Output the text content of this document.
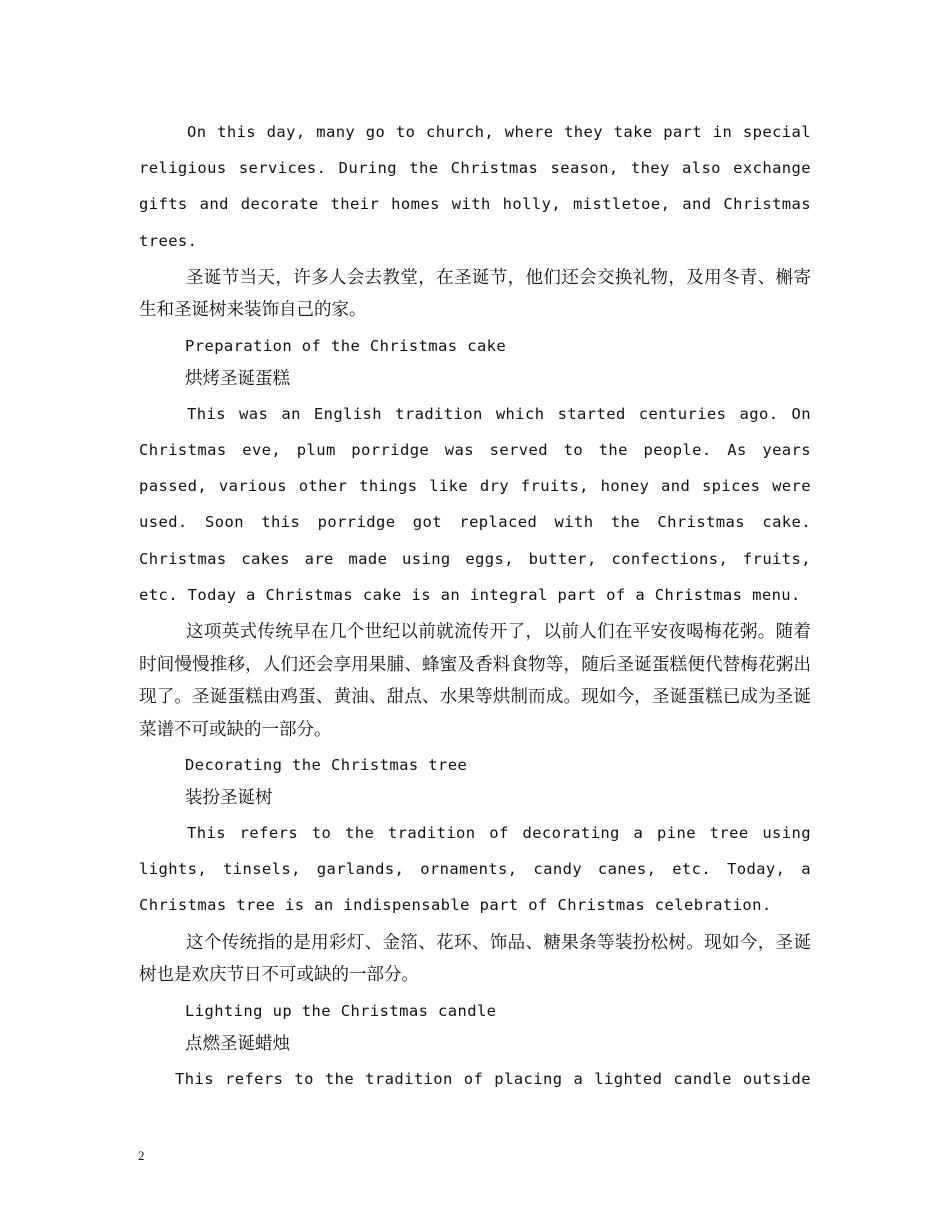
On this day, many go to church, where they take part in special religious services. During the Christmas season, they also exchange gifts and decorate their homes with holly, mistletoe, and Christmas trees.

圣诞节当天，许多人会去教堂，在圣诞节，他们还会交换礼物，及用冬青、槲寄生和圣诞树来装饰自己的家。

Preparation of the Christmas cake

烘烤圣诞蛋糕

This was an English tradition which started centuries ago. On Christmas eve, plum porridge was served to the people. As years passed, various other things like dry fruits, honey and spices were used. Soon this porridge got replaced with the Christmas cake. Christmas cakes are made using eggs, butter, confections, fruits, etc. Today a Christmas cake is an integral part of a Christmas menu.

这项英式传统早在几个世纪以前就流传开了，以前人们在平安夜喝梅花粥。随着时间慢慢推移，人们还会享用果脯、蜂蜜及香料食物等，随后圣诞蛋糕便代替梅花粥出现了。圣诞蛋糕由鸡蛋、黄油、甜点、水果等烘制而成。现如今，圣诞蛋糕已成为圣诞菜谱不可或缺的一部分。

Decorating the Christmas tree

装扮圣诞树

This refers to the tradition of decorating a pine tree using lights, tinsels, garlands, ornaments, candy canes, etc. Today, a Christmas tree is an indispensable part of Christmas celebration.

这个传统指的是用彩灯、金箔、花环、饰品、糖果条等装扮松树。现如今，圣诞树也是欢庆节日不可或缺的一部分。

Lighting up the Christmas candle

点燃圣诞蜡烛

This refers to the tradition of placing a lighted candle outside

2
